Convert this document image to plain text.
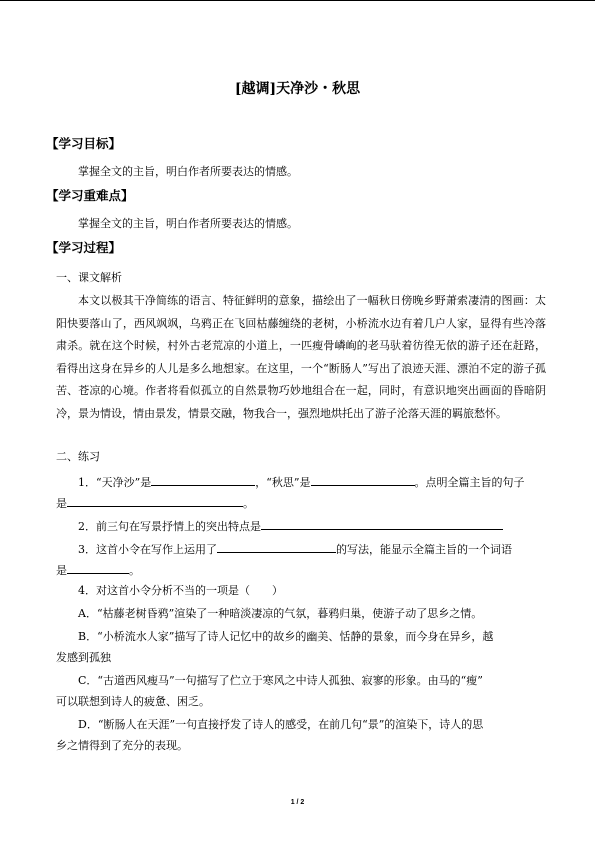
[越调]天净沙・秋思
【学习目标】
掌握全文的主旨，明白作者所要表达的情感。
【学习重难点】
掌握全文的主旨，明白作者所要表达的情感。
【学习过程】
一、课文解析
本文以极其干净简练的语言、特征鲜明的意象，描绘出了一幅秋日傍晚乡野萧索凄清的图画：太阳快要落山了，西风飒飒，乌鸦正在飞回枯藤缠绕的老树，小桥流水边有着几户人家，显得有些冷落肃杀。就在这个时候，村外古老荒凉的小道上，一匹瘦骨嶙峋的老马驮着彷徨无依的游子还在赶路，看得出这身在异乡的人儿是多么地想家。在这里，一个“断肠人”写出了浪迹天涯、漂泊不定的游子孤苦、苍凉的心境。作者将看似孤立的自然景物巧妙地组合在一起，同时，有意识地突出画面的昏暗阴冷，景为情设，情由景发，情景交融，物我合一，强烈地烘托出了游子沦落天涯的羁旅愁怀。
二、练习
1．“天净沙”是	，“秋思”是	。点明全篇主旨的句子
是	。
2．前三句在写景抒情上的突出特点是
3．这首小令在写作上运用了	的写法，能显示全篇主旨的一个词语
是	。
4．对这首小令分析不当的一项是（　　）
A．“枯藤老树昏鸦”渲染了一种暗淡凄凉的气氛，暮鸦归巢，使游子动了思乡之情。
B．“小桥流水人家”描写了诗人记忆中的故乡的幽美、恬静的景象，而今身在异乡，越
发感到孤独
C．“古道西风瘦马”一句描写了伫立于寒风之中诗人孤独、寂寥的形象。由马的“瘦”
可以联想到诗人的疲惫、困乏。
D．“断肠人在天涯”一句直接抒发了诗人的感受，在前几句“景”的渲染下，诗人的思
乡之情得到了充分的表现。
1 / 2
